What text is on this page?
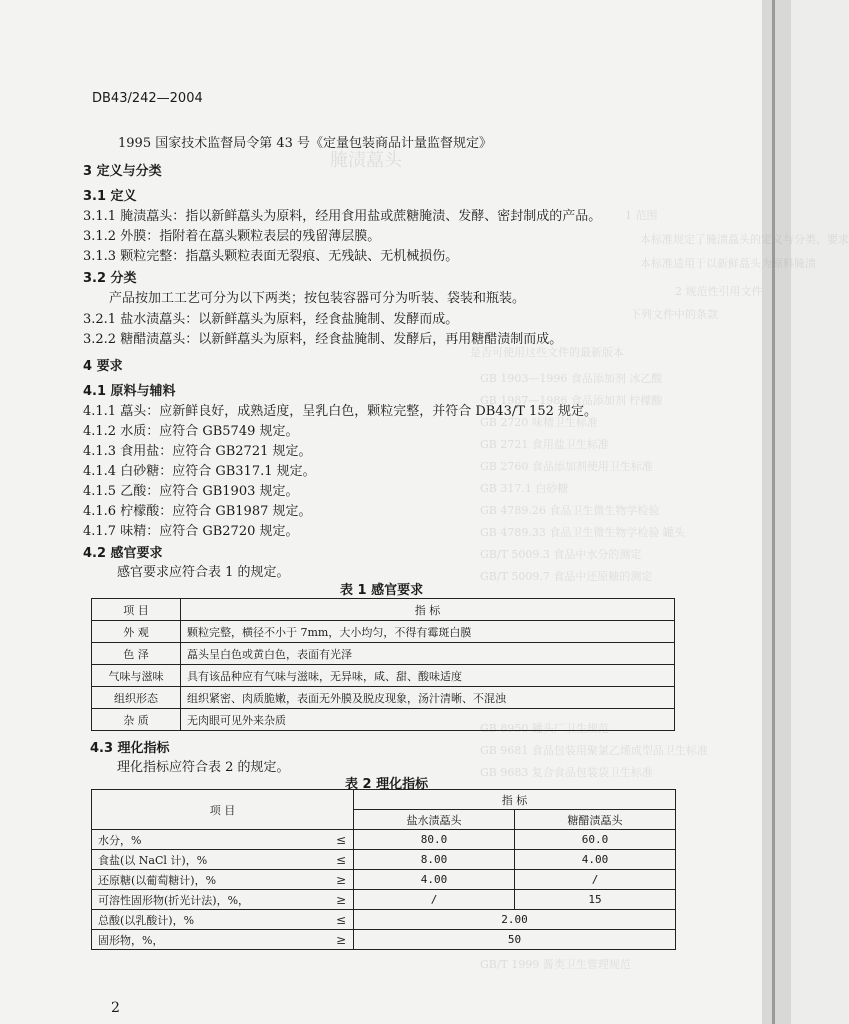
腌渍藠头
1 范围
本标准规定了腌渍藠头的定义与分类、要求
本标准适用于以新鲜藠头为原料腌渍
2 规范性引用文件
下列文件中的条款
是否可使用这些文件的最新版本
GB 1903—1996 食品添加剂 冰乙酸
GB 1987—1986 食品添加剂 柠檬酸
GB 2720 味精卫生标准
GB 2721 食用盐卫生标准
GB 2760 食品添加剂使用卫生标准
GB 317.1 白砂糖
GB 4789.26 食品卫生微生物学检验
GB 4789.33 食品卫生微生物学检验 罐头
GB/T 5009.3 食品中水分的测定
GB/T 5009.7 食品中还原糖的测定
GB 8950 罐头厂卫生规范
GB 9681 食品包装用聚氯乙烯成型品卫生标准
GB 9683 复合食品包装袋卫生标准
GB/T 1999 酱类卫生管理规范
DB43/242—2004
1995 国家技术监督局令第 43 号《定量包装商品计量监督规定》
3 定义与分类
3.1 定义
3.1.1 腌渍藠头：指以新鲜藠头为原料，经用食用盐或蔗糖腌渍、发酵、密封制成的产品。
3.1.2 外膜：指附着在藠头颗粒表层的残留薄层膜。
3.1.3 颗粒完整：指藠头颗粒表面无裂痕、无残缺、无机械损伤。
3.2 分类
产品按加工工艺可分为以下两类；按包装容器可分为听装、袋装和瓶装。
3.2.1 盐水渍藠头：以新鲜藠头为原料，经食盐腌制、发酵而成。
3.2.2 糖醋渍藠头：以新鲜藠头为原料，经食盐腌制、发酵后，再用糖醋渍制而成。
4 要求
4.1 原料与辅料
4.1.1 藠头：应新鲜良好，成熟适度，呈乳白色，颗粒完整，并符合 DB43/T 152 规定。
4.1.2 水质：应符合 GB5749 规定。
4.1.3 食用盐：应符合 GB2721 规定。
4.1.4 白砂糖：应符合 GB317.1 规定。
4.1.5 乙酸：应符合 GB1903 规定。
4.1.6 柠檬酸：应符合 GB1987 规定。
4.1.7 味精：应符合 GB2720 规定。
4.2 感官要求
感官要求应符合表 1 的规定。
表 1 感官要求
项 目	指 标
外 观	颗粒完整，横径不小于 7mm，大小均匀，不得有霉斑白膜
色 泽	藠头呈白色或黄白色，表面有光泽
气味与滋味	具有该品种应有气味与滋味，无异味，咸、甜、酸味适度
组织形态	组织紧密、肉质脆嫩，表面无外膜及脱皮现象，汤汁清晰、不混浊
杂 质	无肉眼可见外来杂质
4.3 理化指标
理化指标应符合表 2 的规定。
表 2 理化指标
项 目		指 标	
		盐水渍藠头	糖醋渍藠头
水分，%	≤	80.0	60.0
食盐(以 NaCl 计)，%	≤	8.00	4.00
还原糖(以葡萄糖计)，%	≥	4.00	/
可溶性固形物(折光计法)，%，	≥	/	15
总酸(以乳酸计)，%	≤	2.00	
固形物，%，	≥	50	
2
